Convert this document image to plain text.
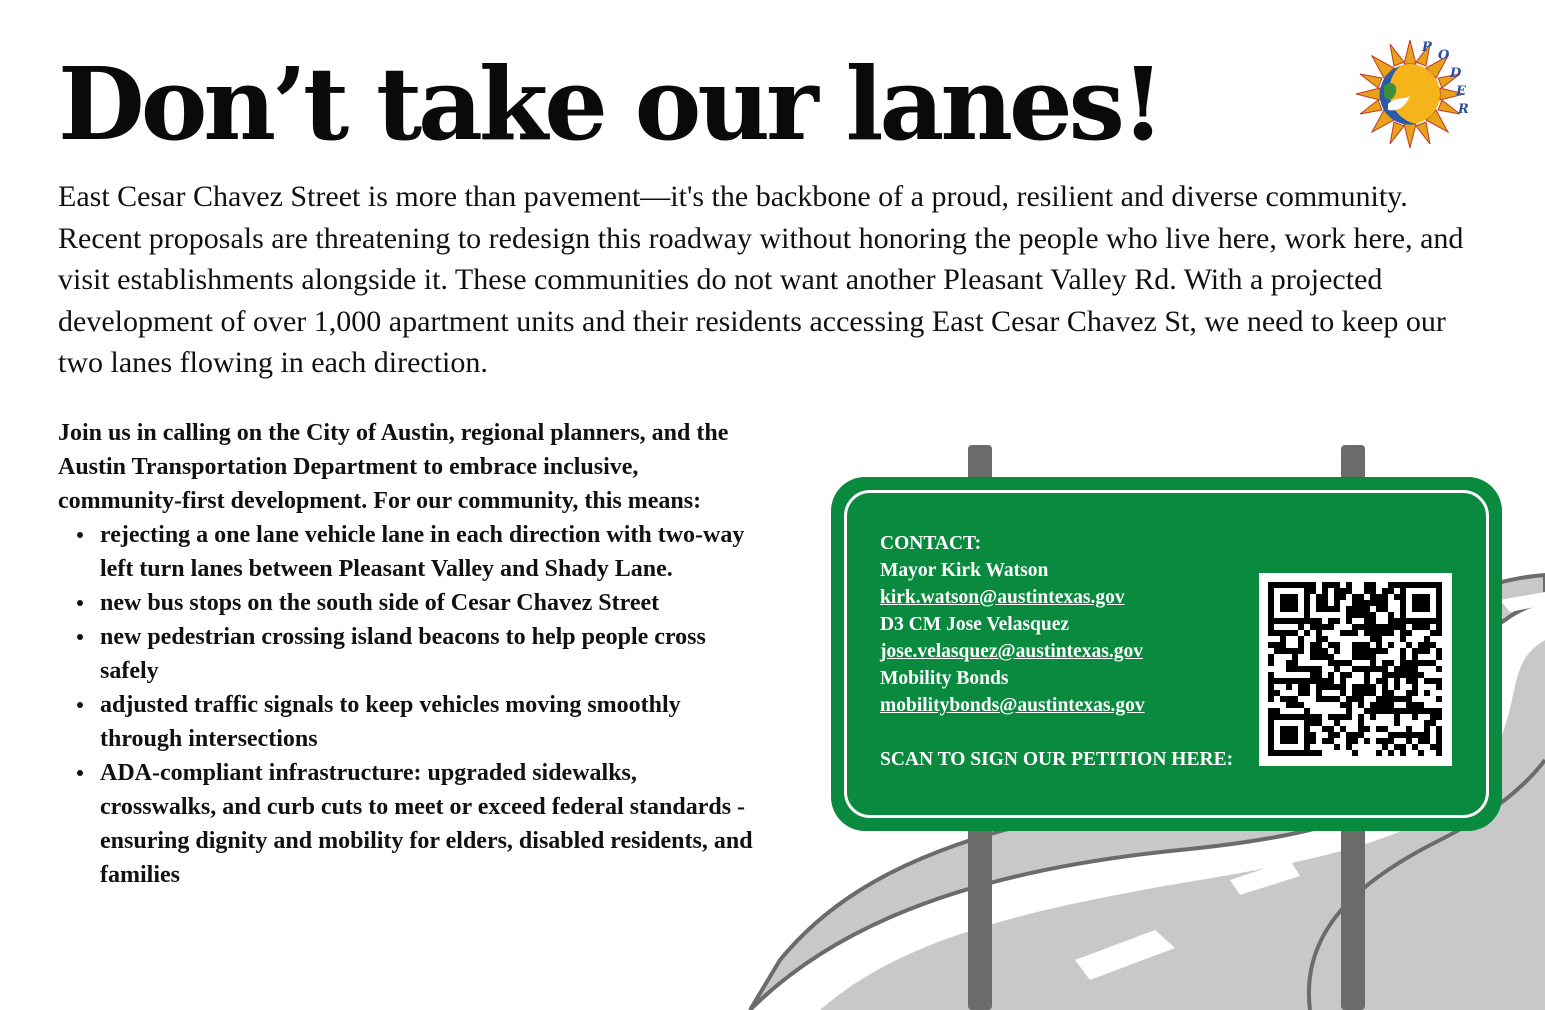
Don’t take our lanes!

East Cesar Chavez Street is more than pavement—it's the backbone of a proud, resilient and diverse community. Recent proposals are threatening to redesign this roadway without honoring the people who live here, work here, and visit establishments alongside it. These communities do not want another Pleasant Valley Rd. With a projected development of over 1,000 apartment units and their residents accessing East Cesar Chavez St, we need to keep our two lanes flowing in each direction.

Join us in calling on the City of Austin, regional planners, and the Austin Transportation Department to embrace inclusive, community-first development. For our community, this means:

rejecting a one lane vehicle lane in each direction with two-way left turn lanes between Pleasant Valley and Shady Lane.
new bus stops on the south side of Cesar Chavez Street
new pedestrian crossing island beacons to help people cross safely
adjusted traffic signals to keep vehicles moving smoothly through intersections
ADA-compliant infrastructure: upgraded sidewalks, crosswalks, and curb cuts to meet or exceed federal standards - ensuring dignity and mobility for elders, disabled residents, and families
CONTACT:
Mayor Kirk Watson
kirk.watson@austintexas.gov
D3 CM Jose Velasquez
jose.velasquez@austintexas.gov
Mobility Bonds
mobilitybonds@austintexas.gov
SCAN TO SIGN OUR PETITION HERE:
P
O
D
E
R
